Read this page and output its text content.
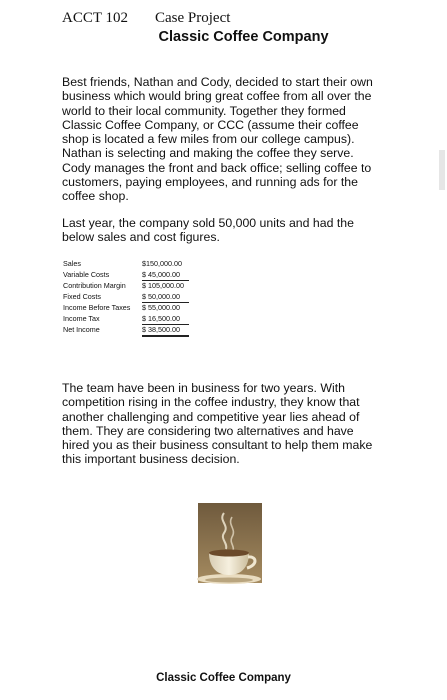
ACCT 102 Case Project
Classic Coffee Company
Best friends, Nathan and Cody, decided to start their own
business which would bring great coffee from all over the
world to their local community. Together they formed
Classic Coffee Company, or CCC (assume their coffee
shop is located a few miles from our college campus).
Nathan is selecting and making the coffee they serve.
Cody manages the front and back office; selling coffee to
customers, paying employees, and running ads for the
coffee shop.
Last year, the company sold 50,000 units and had the
below sales and cost figures.
Sales	$150,000.00
Variable Costs	$ 45,000.00
Contribution Margin $ 105,000.00
Fixed Costs	$ 50,000.00
Income Before Taxes $ 55,000.00
Income Tax	$ 16,500.00
Net Income	$ 38,500.00
The team have been in business for two years. With
competition rising in the coffee industry, they know that
another challenging and competitive year lies ahead of
them. They are considering two alternatives and have
hired you as their business consultant to help them make
this important business decision.
Classic Coffee Company
